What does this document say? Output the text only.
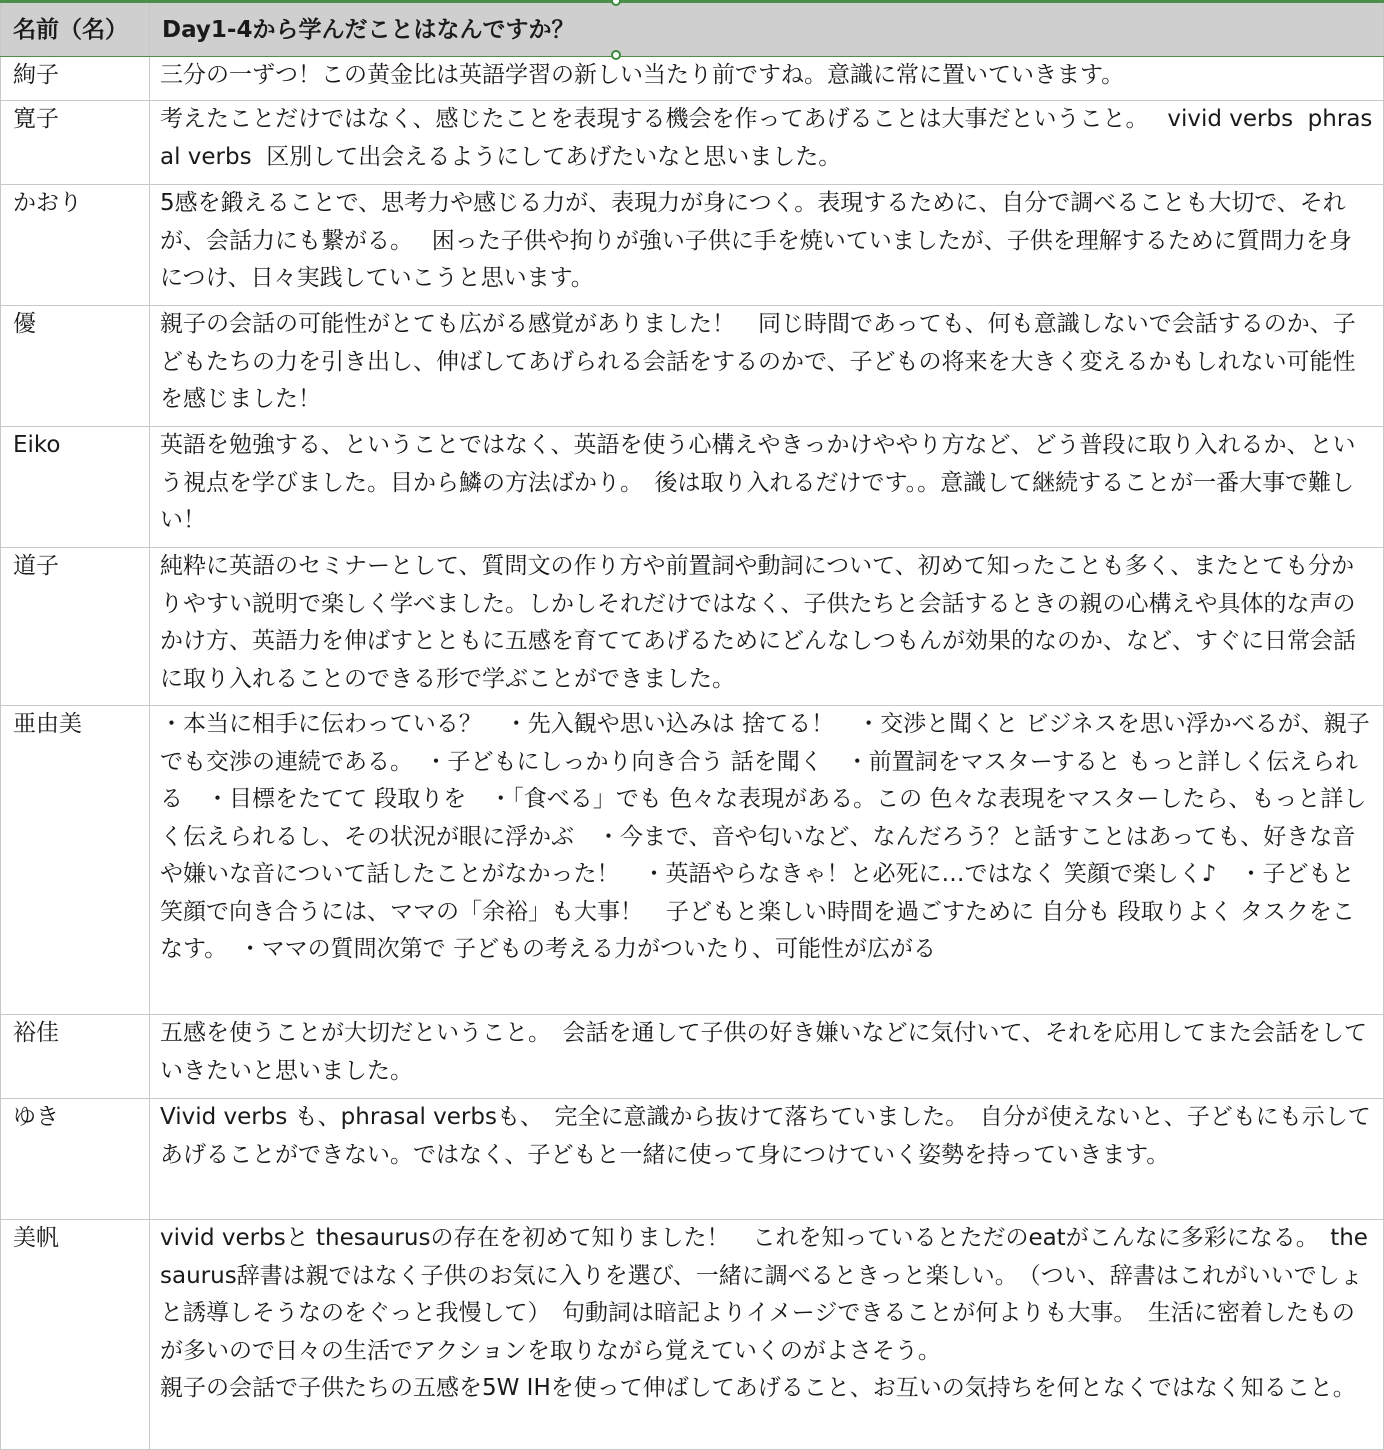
名前（名）	Day1-4から学んだことはなんですか？
絢子	三分の一ずつ！この黄金比は英語学習の新しい当たり前ですね。意識に常に置いていきます。
寛子	考えたことだけではなく、感じたことを表現する機会を作ってあげることは大事だということ。　 vivid verbs  phrasal verbs  区別して出会えるようにしてあげたいなと思いました。
かおり	5感を鍛えることで、思考力や感じる力が、表現力が身につく。表現するために、自分で調べることも大切で、それが、会話力にも繋がる。　 困った子供や拘りが強い子供に手を焼いていましたが、子供を理解するために質問力を身につけ、日々実践していこうと思います。
優	親子の会話の可能性がとても広がる感覚がありました！　同じ時間であっても、何も意識しないで会話するのか、子どもたちの力を引き出し、伸ばしてあげられる会話をするのかで、子どもの将来を大きく変えるかもしれない可能性を感じました！
Eiko	英語を勉強する、ということではなく、英語を使う心構えやきっかけややり方など、どう普段に取り入れるか、という視点を学びました。目から鱗の方法ばかり。　後は取り入れるだけです。。意識して継続することが一番大事で難しい！
道子	純粋に英語のセミナーとして、質問文の作り方や前置詞や動詞について、初めて知ったことも多く、またとても分かりやすい説明で楽しく学べました。しかしそれだけではなく、子供たちと会話するときの親の心構えや具体的な声のかけ方、英語力を伸ばすとともに五感を育ててあげるためにどんなしつもんが効果的なのか、など、すぐに日常会話に取り入れることのできる形で学ぶことができました。
亜由美	・本当に相手に伝わっている？　・先入観や思い込みは 捨てる！　・交渉と聞くと ビジネスを思い浮かべるが、親子でも交渉の連続である。　・子どもにしっかり向き合う 話を聞く　・前置詞をマスターすると もっと詳しく伝えられる　・目標をたてて 段取りを　・「食べる」でも 色々な表現がある。この 色々な表現をマスターしたら、もっと詳しく伝えられるし、その状況が眼に浮かぶ　・今まで、音や匂いなど、なんだろう？と話すことはあっても、好きな音や嫌いな音について話したことがなかった！　・英語やらなきゃ！と必死に…ではなく 笑顔で楽しく♪　・子どもと笑顔で向き合うには、ママの「余裕」も大事！　子どもと楽しい時間を過ごすために 自分も 段取りよく タスクをこなす。　・ママの質問次第で 子どもの考える力がついたり、可能性が広がる
裕佳	五感を使うことが大切だということ。　会話を通して子供の好き嫌いなどに気付いて、それを応用してまた会話をしていきたいと思いました。
ゆき	Vivid verbs も、phrasal verbsも、　完全に意識から抜けて落ちていました。　自分が使えないと、子どもにも示してあげることができない。ではなく、子どもと一緒に使って身につけていく姿勢を持っていきます。
美帆	vivid verbsと thesaurusの存在を初めて知りました！　これを知っているとただのeatがこんなに多彩になる。　thesaurus辞書は親ではなく子供のお気に入りを選び、一緒に調べるときっと楽しい。　（つい、辞書はこれがいいでしょと誘導しそうなのをぐっと我慢して）　句動詞は暗記よりイメージできることが何よりも大事。　生活に密着したものが多いので日々の生活でアクションを取りながら覚えていくのがよさそう。
親子の会話で子供たちの五感を5W IHを使って伸ばしてあげること、お互いの気持ちを何となくではなく知ること。
